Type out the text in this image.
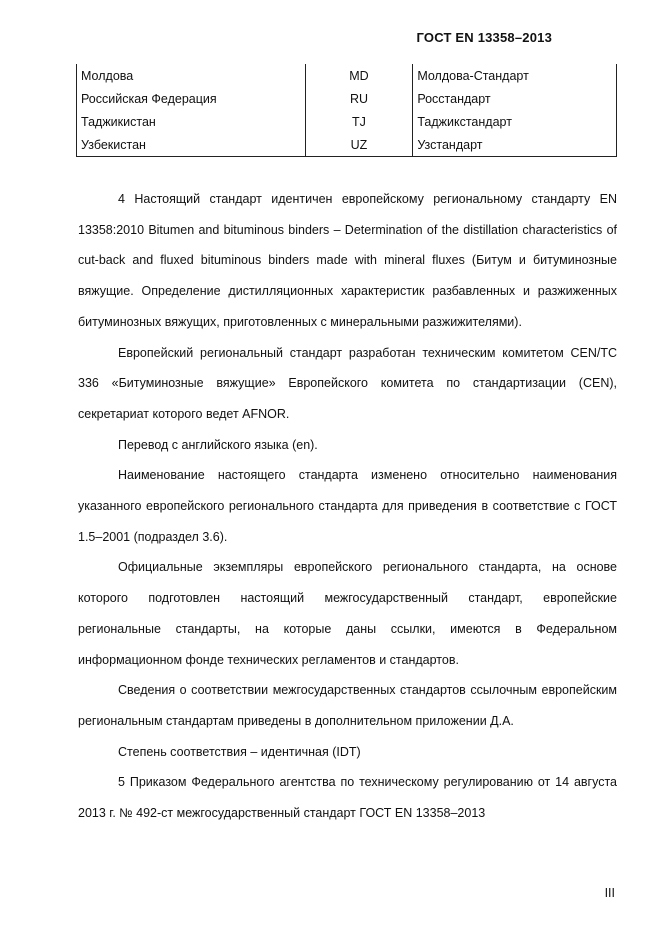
ГОСТ EN 13358–2013
Молдова	MD	Молдова-Стандарт
Российская Федерация	RU	Росстандарт
Таджикистан	TJ	Таджикстандарт
Узбекистан	UZ	Узстандарт

4 Настоящий стандарт идентичен европейскому региональному стандарту EN 13358:2010 Bitumen and bituminous binders – Determination of the distillation characteristics of cut-back and fluxed bituminous binders made with mineral fluxes (Битум и битуминозные вяжущие. Определение дистилляционных характеристик разбавленных и разжиженных битуминозных вяжущих, приготовленных с минеральными разжижителями).

Европейский региональный стандарт разработан техническим комитетом CEN/TC 336 «Битуминозные вяжущие» Европейского комитета по стандартизации (CEN), секретариат которого ведет AFNOR.

Перевод с английского языка (en).

Наименование настоящего стандарта изменено относительно наименования указанного европейского регионального стандарта для приведения в соответствие с ГОСТ 1.5–2001 (подраздел 3.6).

Официальные экземпляры европейского регионального стандарта, на основе которого подготовлен настоящий межгосударственный стандарт, европейские региональные стандарты, на которые даны ссылки, имеются в Федеральном информационном фонде технических регламентов и стандартов.

Сведения о соответствии межгосударственных стандартов ссылочным европейским региональным стандартам приведены в дополнительном приложении Д.А.

Степень соответствия – идентичная (IDT)

5 Приказом Федерального агентства по техническому регулированию от 14 августа 2013 г. № 492-ст межгосударственный стандарт ГОСТ EN 13358–2013

III
